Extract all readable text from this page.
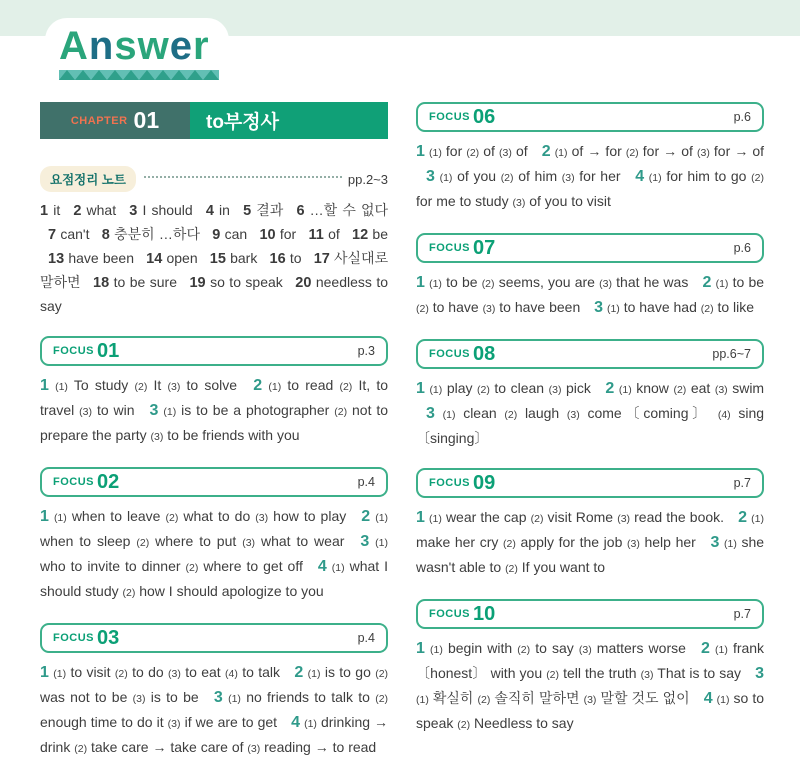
Answer
CHAPTER 01	to부정사
요점정리 노트	pp.2~3
1 it 2 what 3 I should 4 in 5 결과 6 …할 수 없다 7 can't 8 충분히 …하다 9 can 10 for 11 of 12 be 13 have been 14 open 15 bark 16 to 17 사실대로 말하면 18 to be sure 19 so to speak 20 needless to say
FOCUS 01	p.3
1 (1) To study (2) It (3) to solve 2 (1) to read (2) It, to travel (3) to win 3 (1) is to be a photographer (2) not to prepare the party (3) to be friends with you
FOCUS 02	p.4
1 (1) when to leave (2) what to do (3) how to play 2 (1) when to sleep (2) where to put (3) what to wear 3 (1) who to invite to dinner (2) where to get off 4 (1) what I should study (2) how I should apologize to you
FOCUS 03	p.4
1 (1) to visit (2) to do (3) to eat (4) to talk 2 (1) is to go (2) was not to be (3) is to be 3 (1) no friends to talk to (2) enough time to do it (3) if we are to get 4 (1) drinking → drink (2) take care → take care of (3) reading → to read
FOCUS 06	p.6
1 (1) for (2) of (3) of 2 (1) of → for (2) for → of (3) for → of 3 (1) of you (2) of him (3) for her 4 (1) for him to go (2) for me to study (3) of you to visit
FOCUS 07	p.6
1 (1) to be (2) seems, you are (3) that he was 2 (1) to be (2) to have (3) to have been 3 (1) to have had (2) to like
FOCUS 08	pp.6~7
1 (1) play (2) to clean (3) pick 2 (1) know (2) eat (3) swim 3 (1) clean (2) laugh (3) come〔coming〕 (4) sing〔singing〕
FOCUS 09	p.7
1 (1) wear the cap (2) visit Rome (3) read the book. 2 (1) make her cry (2) apply for the job (3) help her 3 (1) she wasn't able to (2) If you want to
FOCUS 10	p.7
1 (1) begin with (2) to say (3) matters worse 2 (1) frank〔honest〕 with you (2) tell the truth (3) That is to say 3 (1) 확실히 (2) 솔직히 말하면 (3) 말할 것도 없이 4 (1) so to speak (2) Needless to say
